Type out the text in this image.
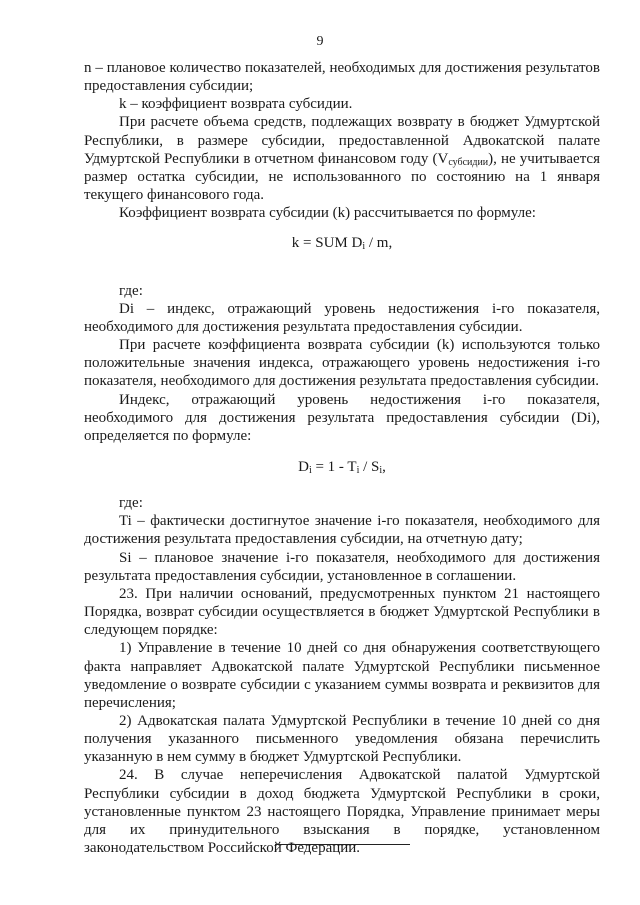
9

n – плановое количество показателей, необходимых для достижения результатов предоставления субсидии;

k – коэффициент возврата субсидии.

При расчете объема средств, подлежащих возврату в бюджет Удмуртской Республики, в размере субсидии, предоставленной Адвокатской палате Удмуртской Республики в отчетном финансовом году $(V_{субсидии})$, не учитывается размер остатка субсидии, не использованного по состоянию на 1 января текущего финансового года.

Коэффициент возврата субсидии (k) рассчитывается по формуле:

k = SUM $D_i$ / m,

где:

Di – индекс, отражающий уровень недостижения i-го показателя, необходимого для достижения результата предоставления субсидии.

При расчете коэффициента возврата субсидии (k) используются только положительные значения индекса, отражающего уровень недостижения i-го показателя, необходимого для достижения результата предоставления субсидии.

Индекс, отражающий уровень недостижения i-го показателя, необходимого для достижения результата предоставления субсидии (Di), определяется по формуле:

$D_i = 1 - T_i / S_i$,

где:

Ti – фактически достигнутое значение i-го показателя, необходимого для достижения результата предоставления субсидии, на отчетную дату;

Si – плановое значение i-го показателя, необходимого для достижения результата предоставления субсидии, установленное в соглашении.

23. При наличии оснований, предусмотренных пунктом 21 настоящего Порядка, возврат субсидии осуществляется в бюджет Удмуртской Республики в следующем порядке:

1) Управление в течение 10 дней со дня обнаружения соответствующего факта направляет Адвокатской палате Удмуртской Республики письменное уведомление о возврате субсидии с указанием суммы возврата и реквизитов для перечисления;

2) Адвокатская палата Удмуртской Республики в течение 10 дней со дня получения указанного письменного уведомления обязана перечислить указанную в нем сумму в бюджет Удмуртской Республики.

24. В случае неперечисления Адвокатской палатой Удмуртской Республики субсидии в доход бюджета Удмуртской Республики в сроки, установленные пунктом 23 настоящего Порядка, Управление принимает меры для их принудительного взыскания в порядке, установленном законодательством Российской Федерации.
